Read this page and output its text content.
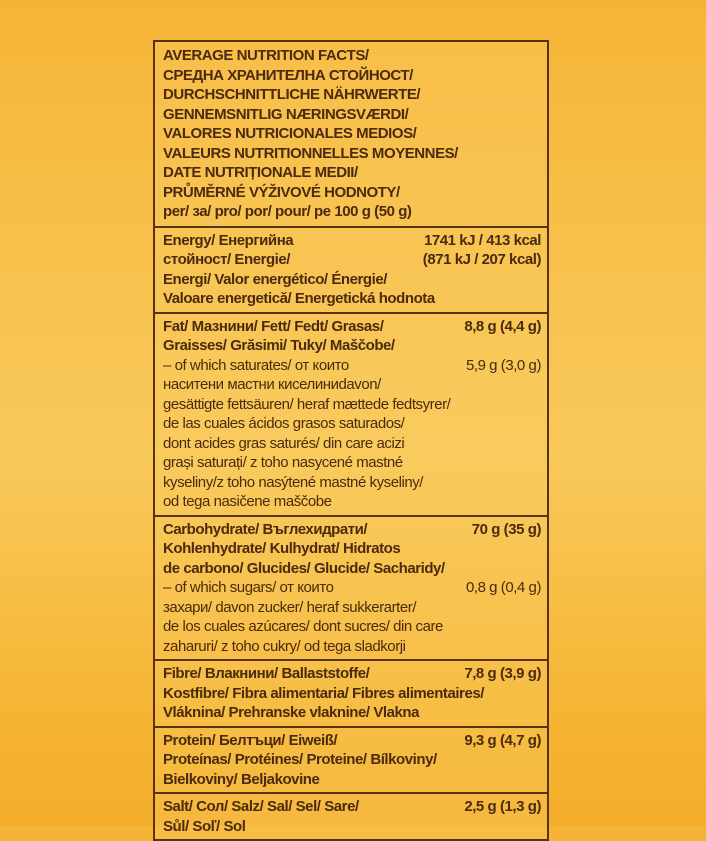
AVERAGE NUTRITION FACTS/
СРЕДНА ХРАНИТЕЛНА СТОЙНОСТ/
DURCHSCHNITTLICHE NÄHRWERTE/
GENNEMSNITLIG NÆRINGSVÆRDI/
VALORES NUTRICIONALES MEDIOS/
VALEURS NUTRITIONNELLES MOYENNES/
DATE NUTRIȚIONALE MEDII/
PRŮMĚRNÉ VÝŽIVOVÉ HODNOTY/
per/ за/ pro/ por/ pour/ pe 100 g (50 g)
Energy/ Енергийна	1741 kJ / 413 kcal
стойност/ Energie/	(871 kJ / 207 kcal)
Energi/ Valor energético/ Énergie/
Valoare energetică/ Energetická hodnota
Fat/ Мазнини/ Fett/ Fedt/ Grasas/	8,8 g (4,4 g)
Graisses/ Grăsimi/ Tuky/ Maščobe/
– of which saturates/ от които	5,9 g (3,0 g)
наситени мастни киселиниdavon/
gesättigte fettsäuren/ heraf mættede fedtsyrer/
de las cuales ácidos grasos saturados/
dont acides gras saturés/ din care acizi
grași saturați/ z toho nasycené mastné
kyseliny/z toho nasýtené mastné kyseliny/
od tega nasičene maščobe
Carbohydrate/ Въглехидрати/	70 g (35 g)
Kohlenhydrate/ Kulhydrat/ Hidratos
de carbono/ Glucides/ Glucide/ Sacharidy/
– of which sugars/ от които	0,8 g (0,4 g)
захари/ davon zucker/ heraf sukkerarter/
de los cuales azúcares/ dont sucres/ din care
zaharuri/ z toho cukry/ od tega sladkorji
Fibre/ Влакнини/ Ballaststoffe/	7,8 g (3,9 g)
Kostfibre/ Fibra alimentaria/ Fibres alimentaires/
Vláknina/ Prehranske vlaknine/ Vlakna
Protein/ Белтъци/ Eiweiß/	9,3 g (4,7 g)
Proteínas/ Protéines/ Proteine/ Bílkoviny/
Bielkoviny/ Beljakovine
Salt/ Сол/ Salz/ Sal/ Sel/ Sare/	2,5 g (1,3 g)
Sůl/ Soľ/ Sol
